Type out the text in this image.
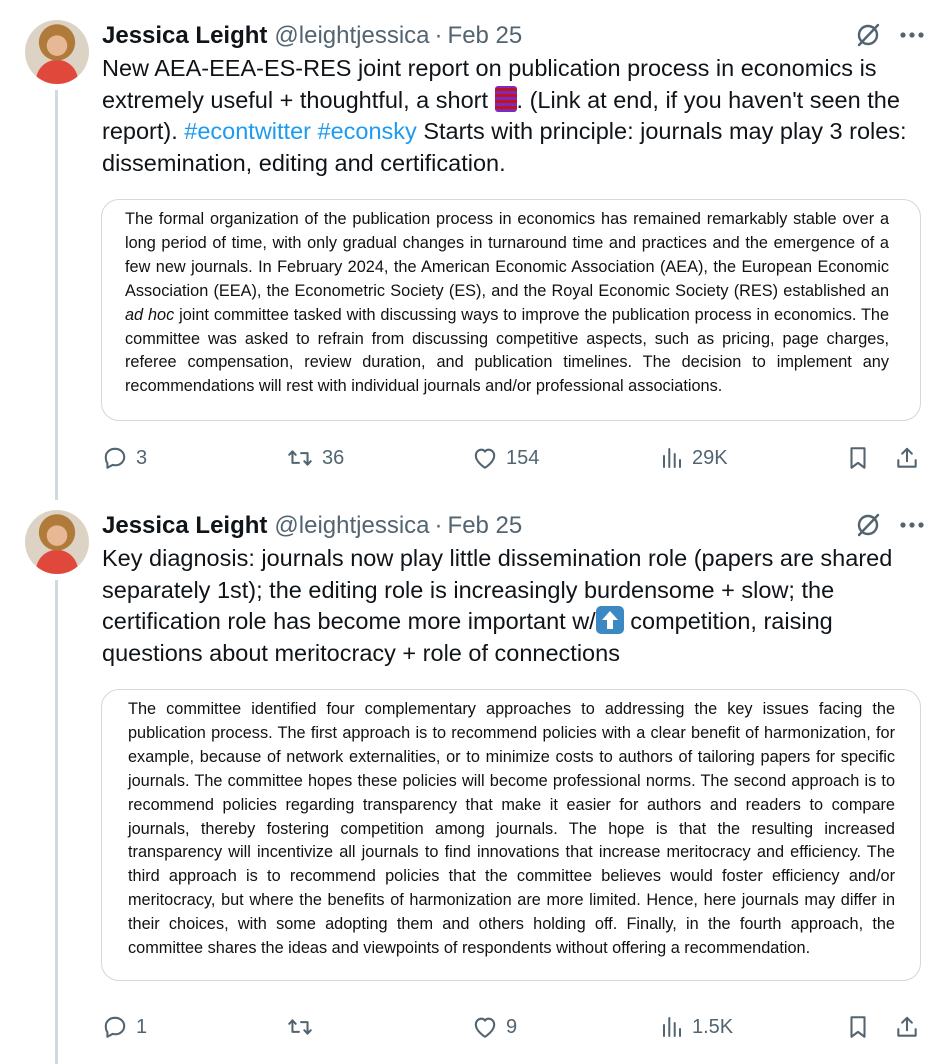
Jessica Leight @leightjessica · Feb 25
New AEA-EEA-ES-RES joint report on publication process in economics is extremely useful + thoughtful, a short . (Link at end, if you haven't seen the report). #econtwitter #econsky Starts with principle: journals may play 3 roles: dissemination, editing and certification.
The formal organization of the publication process in economics has remained remarkably stable over a long period of time, with only gradual changes in turnaround time and practices and the emergence of a few new journals. In February 2024, the American Economic Association (AEA), the European Economic Association (EEA), the Econometric Society (ES), and the Royal Economic Society (RES) established an ad hoc joint committee tasked with discussing ways to improve the publication process in economics. The committee was asked to refrain from discussing competitive aspects, such as pricing, page charges, referee compensation, review duration, and publication timelines. The decision to implement any recommendations will rest with individual journals and/or professional associations.
3	36	154	29K
Jessica Leight @leightjessica · Feb 25
Key diagnosis: journals now play little dissemination role (papers are shared separately 1st); the editing role is increasingly burdensome + slow; the certification role has become more important w/
competition, raising questions about meritocracy + role of connections
The committee identified four complementary approaches to addressing the key issues facing the publication process. The first approach is to recommend policies with a clear benefit of harmonization, for example, because of network externalities, or to minimize costs to authors of tailoring papers for specific journals. The committee hopes these policies will become professional norms. The second approach is to recommend policies regarding transparency that make it easier for authors and readers to compare journals, thereby fostering competition among journals. The hope is that the resulting increased transparency will incentivize all journals to find innovations that increase meritocracy and efficiency. The third approach is to recommend policies that the committee believes would foster efficiency and/or meritocracy, but where the benefits of harmonization are more limited. Hence, here journals may differ in their choices, with some adopting them and others holding off. Finally, in the fourth approach, the committee shares the ideas and viewpoints of respondents without offering a recommendation.
1	9	1.5K
